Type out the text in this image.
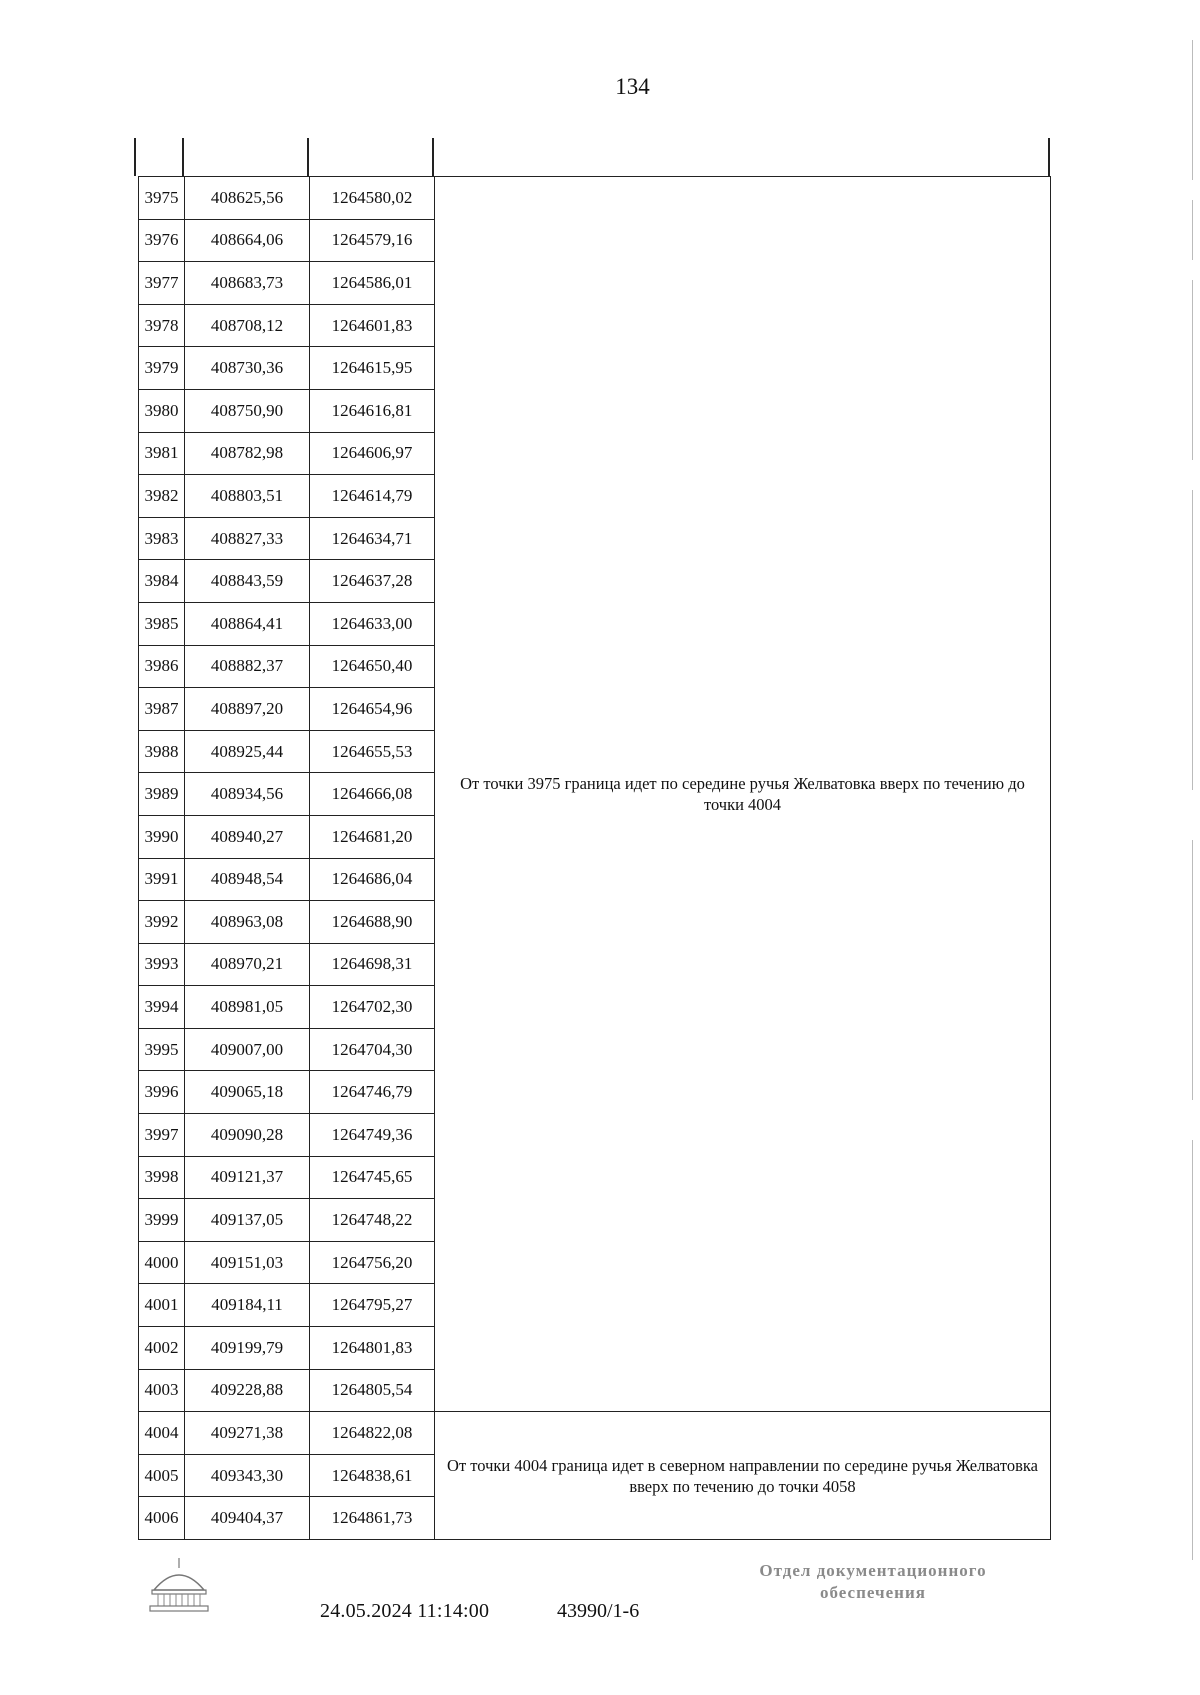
134
3975	408625,56	1264580,02	От точки 3975 граница идет по середине ручья Желватовка вверх по течению до точки 4004

3976	408664,06	1264579,16	
3977	408683,73	1264586,01	
3978	408708,12	1264601,83	
3979	408730,36	1264615,95	
3980	408750,90	1264616,81	
3981	408782,98	1264606,97	
3982	408803,51	1264614,79	
3983	408827,33	1264634,71	
3984	408843,59	1264637,28	
3985	408864,41	1264633,00	
3986	408882,37	1264650,40	
3987	408897,20	1264654,96	
3988	408925,44	1264655,53	
3989	408934,56	1264666,08	
3990	408940,27	1264681,20	
3991	408948,54	1264686,04	
3992	408963,08	1264688,90	
3993	408970,21	1264698,31	
3994	408981,05	1264702,30	
3995	409007,00	1264704,30	
3996	409065,18	1264746,79	
3997	409090,28	1264749,36	
3998	409121,37	1264745,65	
3999	409137,05	1264748,22	
4000	409151,03	1264756,20	
4001	409184,11	1264795,27	
4002	409199,79	1264801,83	
4003	409228,88	1264805,54	
4004	409271,38	1264822,08	От точки 4004 граница идет в северном направлении по середине ручья Желватовка вверх по течению до точки 4058

4005	409343,30	1264838,61	
4006	409404,37	1264861,73	
24.05.2024 11:14:00	43990/1-6
Отдел документационного
обеспечения
